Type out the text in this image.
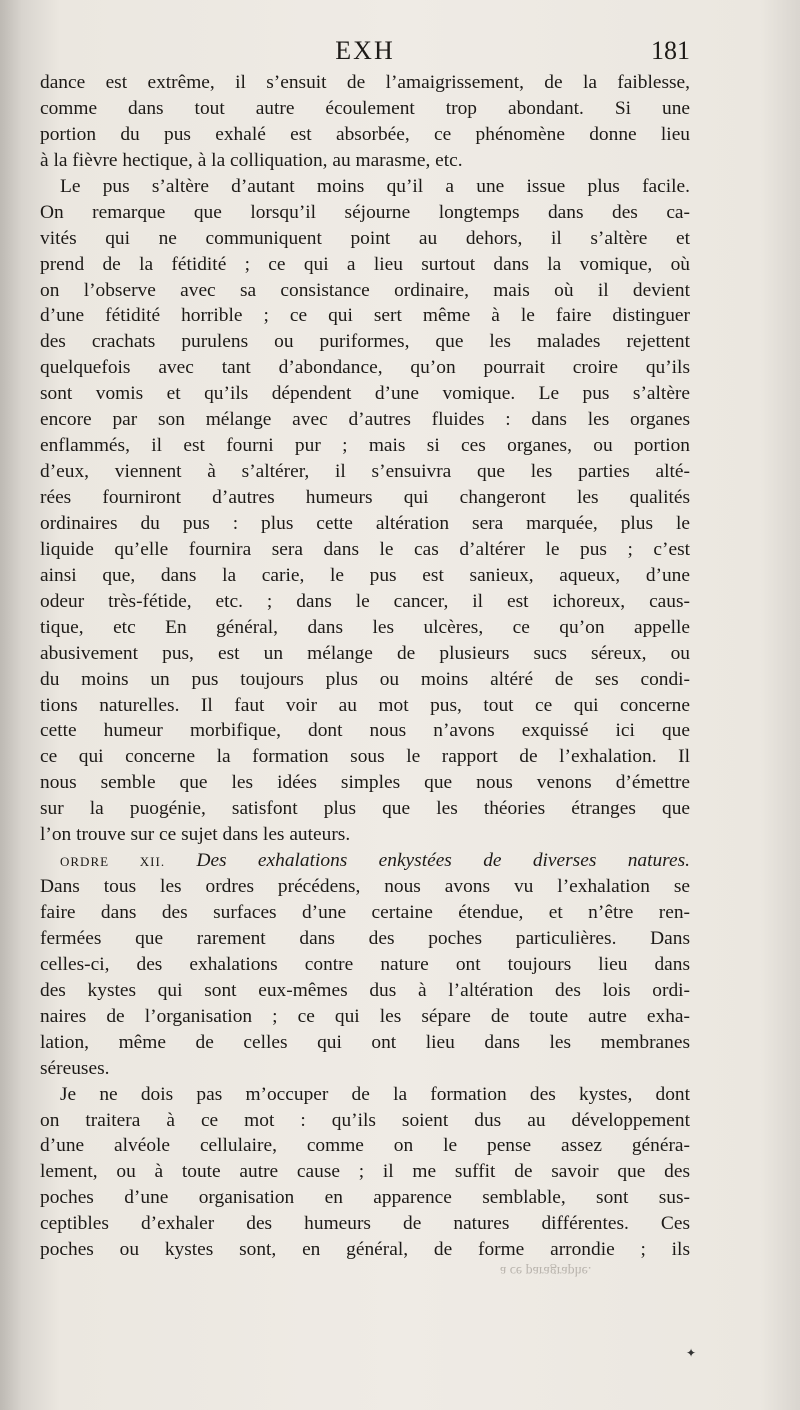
EXH	181
dance est extrême, il s’ensuit de l’amaigrissement, de la faiblesse,
comme dans tout autre écoulement trop abondant. Si une
portion du pus exhalé est absorbée, ce phénomène donne lieu
à la fièvre hectique, à la colliquation, au marasme, etc.
Le pus s’altère d’autant moins qu’il a une issue plus facile.
On remarque que lorsqu’il séjourne longtemps dans des ca-
vités qui ne communiquent point au dehors, il s’altère et
prend de la fétidité ; ce qui a lieu surtout dans la vomique, où
on l’observe avec sa consistance ordinaire, mais où il devient
d’une fétidité horrible ; ce qui sert même à le faire distinguer
des crachats purulens ou puriformes, que les malades rejettent
quelquefois avec tant d’abondance, qu’on pourrait croire qu’ils
sont vomis et qu’ils dépendent d’une vomique. Le pus s’altère
encore par son mélange avec d’autres fluides : dans les organes
enflammés, il est fourni pur ; mais si ces organes, ou portion
d’eux, viennent à s’altérer, il s’ensuivra que les parties alté-
rées fourniront d’autres humeurs qui changeront les qualités
ordinaires du pus : plus cette altération sera marquée, plus le
liquide qu’elle fournira sera dans le cas d’altérer le pus ; c’est
ainsi que, dans la carie, le pus est sanieux, aqueux, d’une
odeur très-fétide, etc. ; dans le cancer, il est ichoreux, caus-
tique, etc En général, dans les ulcères, ce qu’on appelle
abusivement pus, est un mélange de plusieurs sucs séreux, ou
du moins un pus toujours plus ou moins altéré de ses condi-
tions naturelles. Il faut voir au mot pus, tout ce qui concerne
cette humeur morbifique, dont nous n’avons exquissé ici que
ce qui concerne la formation sous le rapport de l’exhalation. Il
nous semble que les idées simples que nous venons d’émettre
sur la puogénie, satisfont plus que les théories étranges que
l’on trouve sur ce sujet dans les auteurs.
ORDRE XII. Des exhalations enkystées de diverses natures.
Dans tous les ordres précédens, nous avons vu l’exhalation se
faire dans des surfaces d’une certaine étendue, et n’être ren-
fermées que rarement dans des poches particulières. Dans
celles-ci, des exhalations contre nature ont toujours lieu dans
des kystes qui sont eux-mêmes dus à l’altération des lois ordi-
naires de l’organisation ; ce qui les sépare de toute autre exha-
lation, même de celles qui ont lieu dans les membranes
séreuses.
Je ne dois pas m’occuper de la formation des kystes, dont
on traitera à ce mot : qu’ils soient dus au développement
d’une alvéole cellulaire, comme on le pense assez généra-
lement, ou à toute autre cause ; il me suffit de savoir que des
poches d’une organisation en apparence semblable, sont sus-
ceptibles d’exhaler des humeurs de natures différentes. Ces
poches ou kystes sont, en général, de forme arrondie ; ils
a ce paragraphe.
✦
